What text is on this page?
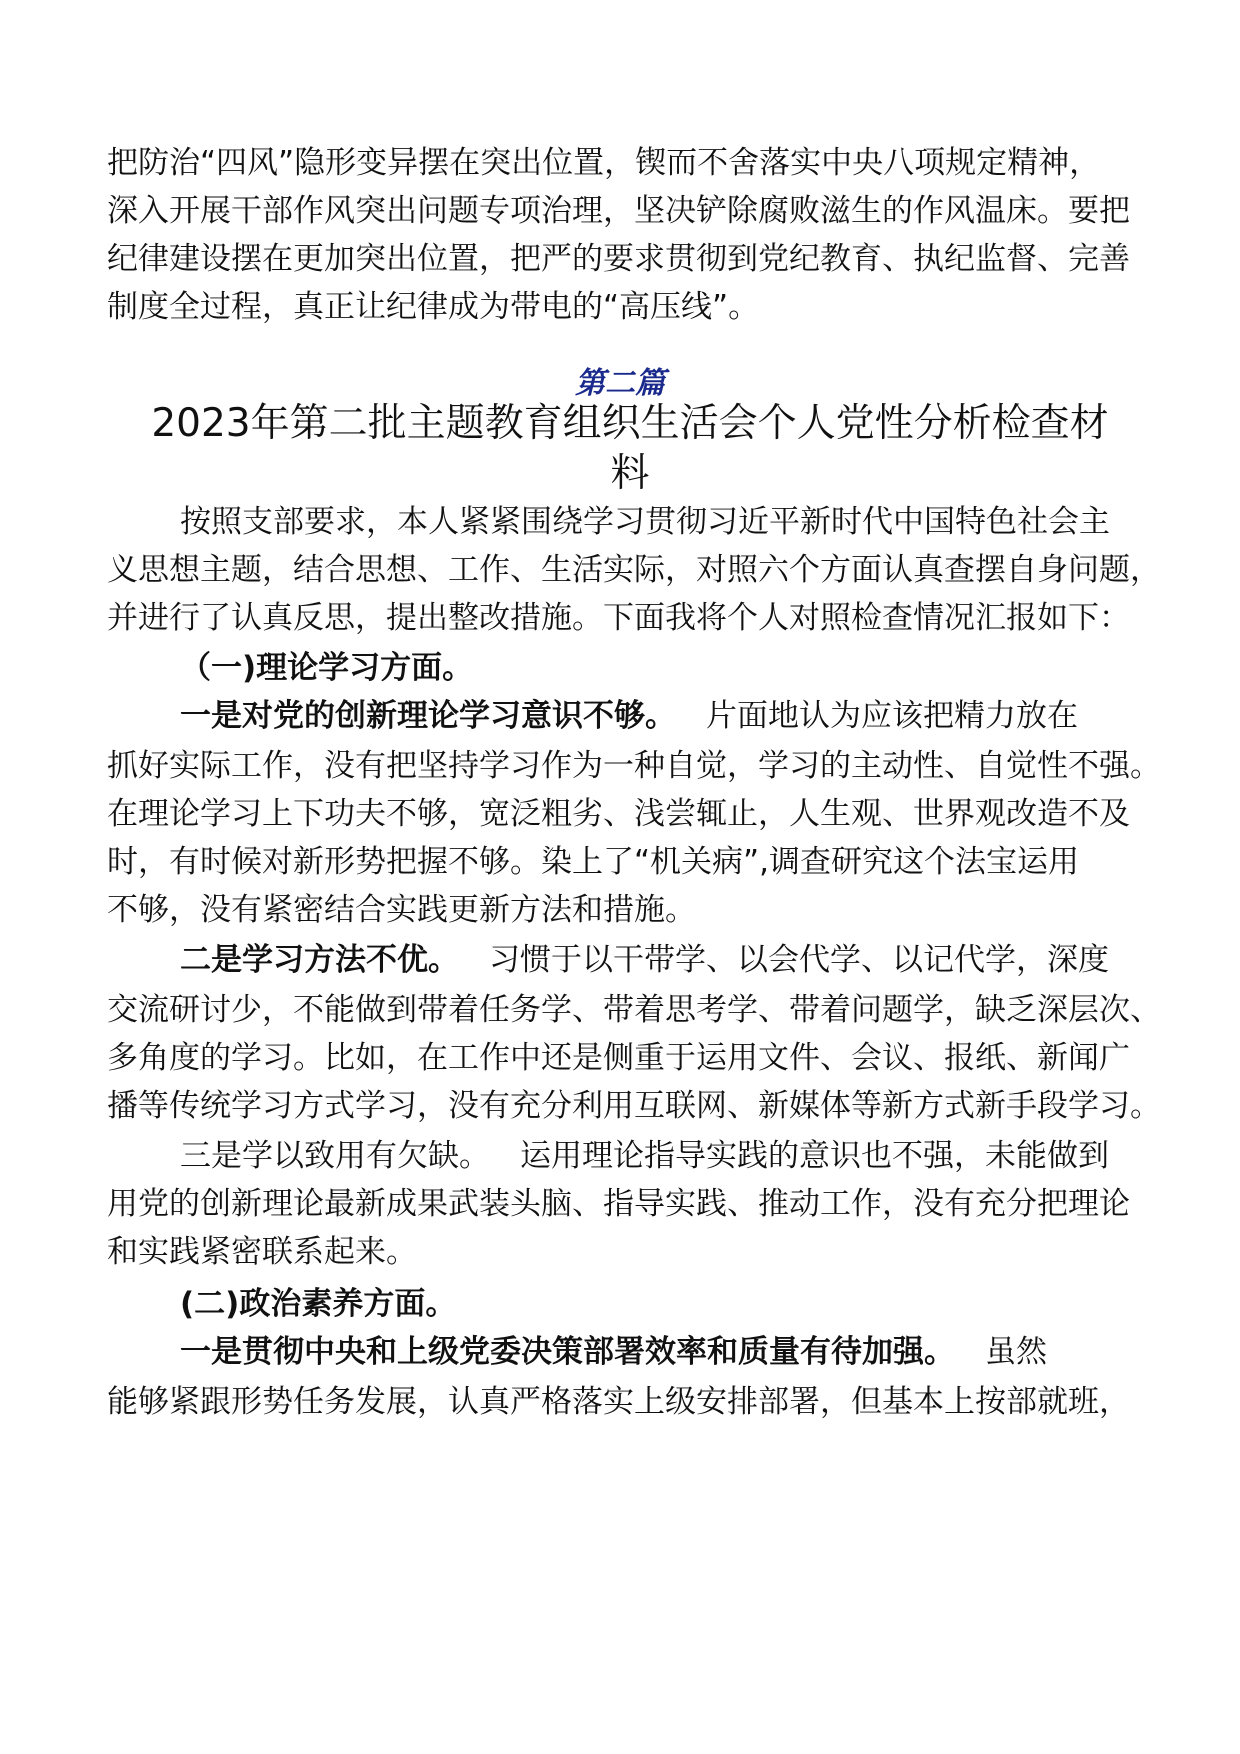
把防治“四风”隐形变异摆在突出位置，锲而不舍落实中央八项规定精神，
深入开展干部作风突出问题专项治理，坚决铲除腐败滋生的作风温床。要把
纪律建设摆在更加突出位置，把严的要求贯彻到党纪教育、执纪监督、完善
制度全过程，真正让纪律成为带电的“高压线”。
第二篇
2023年第二批主题教育组织生活会个人党性分析检查材
料
按照支部要求，本人紧紧围绕学习贯彻习近平新时代中国特色社会主
义思想主题，结合思想、工作、生活实际，对照六个方面认真查摆自身问题，
并进行了认真反思，提出整改措施。下面我将个人对照检查情况汇报如下：
（一)理论学习方面。
一是对党的创新理论学习意识不够。 片面地认为应该把精力放在
抓好实际工作，没有把坚持学习作为一种自觉，学习的主动性、自觉性不强。
在理论学习上下功夫不够，宽泛粗劣、浅尝辄止，人生观、世界观改造不及
时，有时候对新形势把握不够。染上了“机关病”,调查研究这个法宝运用
不够，没有紧密结合实践更新方法和措施。
二是学习方法不优。 习惯于以干带学、以会代学、以记代学，深度
交流研讨少，不能做到带着任务学、带着思考学、带着问题学，缺乏深层次、
多角度的学习。比如，在工作中还是侧重于运用文件、会议、报纸、新闻广
播等传统学习方式学习，没有充分利用互联网、新媒体等新方式新手段学习。
三是学以致用有欠缺。 运用理论指导实践的意识也不强，未能做到
用党的创新理论最新成果武装头脑、指导实践、推动工作，没有充分把理论
和实践紧密联系起来。
(二)政治素养方面。
一是贯彻中央和上级党委决策部署效率和质量有待加强。 虽然
能够紧跟形势任务发展，认真严格落实上级安排部署，但基本上按部就班，
